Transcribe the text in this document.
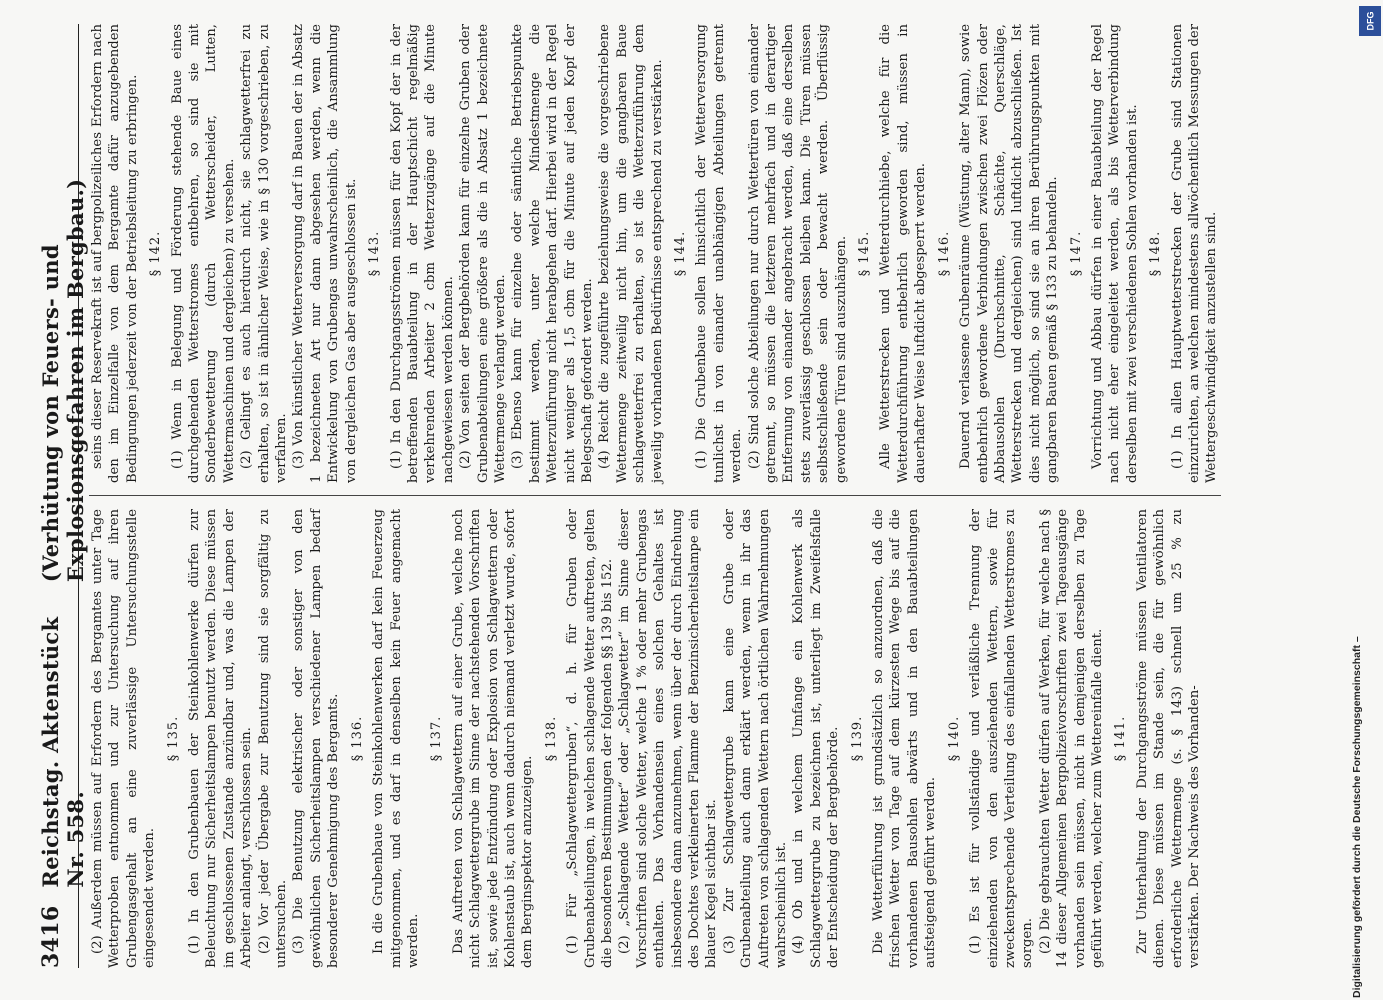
3416
Reichstag. Aktenstück Nr. 558.
(Verhütung von Feuers- und Explosionsgefahren im Bergbau.)

(2) Außerdem müssen auf Erfordern des Bergamtes unter Tage Wetterproben entnommen und zur Untersuchung auf ihren Grubengasgehalt an eine zuverlässige Untersuchungsstelle eingesendet werden.

§ 135. (1) In den Grubenbauen der Steinkohlenwerke dürfen zur Beleuchtung nur Sicherheitslampen benutzt werden. Diese müssen im geschlossenen Zustande anzündbar und, was die Lampen der Arbeiter anlangt, verschlossen sein. (2) Vor jeder Übergabe zur Benutzung sind sie sorgfältig zu untersuchen. (3) Die Benutzung elektrischer oder sonstiger von den gewöhnlichen Sicherheitslampen verschiedener Lampen bedarf besonderer Genehmigung des Bergamts. § 136. In die Grubenbaue von Steinkohlenwerken darf kein Feuerzeug mitgenommen, und es darf in denselben kein Feuer angemacht werden.

§ 137. Das Auftreten von Schlagwettern auf einer Grube, welche noch nicht Schlagwettergrube im Sinne der nachstehenden Vorschriften ist, sowie jede Entzündung oder Explosion von Schlagwettern oder Kohlenstaub ist, auch wenn dadurch niemand verletzt wurde, sofort dem Berginspektor anzuzeigen.

§ 138. (1) Für „Schlagwettergruben“, d. h. für Gruben oder Grubenabteilungen, in welchen schlagende Wetter auftreten, gelten die besonderen Bestimmungen der folgenden §§ 139 bis 152. (2) „Schlagende Wetter“ oder „Schlagwetter“ im Sinne dieser Vorschriften sind solche Wetter, welche 1 % oder mehr Grubengas enthalten. Das Vorhandensein eines solchen Gehaltes ist insbesondere dann anzunehmen, wenn über der durch Eindrehung des Dochtes verkleinerten Flamme der Benzinsicherheitslampe ein blauer Kegel sichtbar ist. (3) Zur Schlagwettergrube kann eine Grube oder Grubenabteilung auch dann erklärt werden, wenn in ihr das Auftreten von schlagenden Wettern nach örtlichen Wahrnehmungen wahrscheinlich ist. (4) Ob und in welchem Umfange ein Kohlenwerk als Schlagwettergrube zu bezeichnen ist, unterliegt im Zweifelsfalle der Entscheidung der Bergbehörde. § 139. Die Wetterführung ist grundsätzlich so anzuordnen, daß die frischen Wetter von Tage auf dem kürzesten Wege bis auf die vorhandenen Bausohlen abwärts und in den Bauabteilungen aufsteigend geführt werden.

§ 140. (1) Es ist für vollständige und verläßliche Trennung der einziehenden von den ausziehenden Wettern, sowie für zweckentsprechende Verteilung des einfallenden Wetterstromes zu sorgen. (2) Die gebrauchten Wetter dürfen auf Werken, für welche nach § 14 dieser Allgemeinen Bergpolizeivorschriften zwei Tageausgänge vorhanden sein müssen, nicht in demjenigen derselben zu Tage geführt werden, welcher zum Wettereinfalle dient. § 141. Zur Unterhaltung der Durchgangsströme müssen Ventilatoren dienen. Diese müssen im Stande sein, die für gewöhnlich erforderliche Wettermenge (s. § 143) schnell um 25 % zu verstärken. Der Nachweis des Vorhanden-

seins dieser Reservekraft ist auf bergpolizeiliches Erfordern nach den im Einzelfalle von dem Bergamte dafür anzugebenden Bedingungen jederzeit von der Betriebsleitung zu erbringen. § 142. (1) Wenn in Belegung und Förderung stehende Baue eines durchgehenden Wetterstromes entbehren, so sind sie mit Sonderbewetterung (durch Wetterscheider, Lutten, Wettermaschinen und dergleichen) zu versehen. (2) Gelingt es auch hierdurch nicht, sie schlagwetterfrei zu erhalten, so ist in ähnlicher Weise, wie in § 130 vorgeschrieben, zu verfahren. (3) Von künstlicher Wetterversorgung darf in Bauen der in Absatz 1 bezeichneten Art nur dann abgesehen werden, wenn die Entwickelung von Grubengas unwahrscheinlich, die Ansammlung von dergleichen Gas aber ausgeschlossen ist. § 143. (1) In den Durchgangsströmen müssen für den Kopf der in der betreffenden Bauabteilung in der Hauptschicht regelmäßig verkehrenden Arbeiter 2 cbm Wetterzugänge auf die Minute nachgewiesen werden können. (2) Von seiten der Bergbehörden kann für einzelne Gruben oder Grubenabteilungen eine größere als die in Absatz 1 bezeichnete Wettermenge verlangt werden. (3) Ebenso kann für einzelne oder sämtliche Betriebspunkte bestimmt werden, unter welche Mindestmenge die Wetterzuführung nicht herabgehen darf. Hierbei wird in der Regel nicht weniger als 1,5 cbm für die Minute auf jeden Kopf der Belegschaft gefordert werden. (4) Reicht die zugeführte beziehungsweise die vorgeschriebene Wettermenge zeitweilig nicht hin, um die gangbaren Baue schlagwetterfrei zu erhalten, so ist die Wetterzuführung dem jeweilig vorhandenen Bedürfnisse entsprechend zu verstärken. § 144. (1) Die Grubenbaue sollen hinsichtlich der Wetterversorgung tunlichst in von einander unabhängigen Abteilungen getrennt werden. (2) Sind solche Abteilungen nur durch Wettertüren von einander getrennt, so müssen die letzteren mehrfach und in derartiger Entfernung von einander angebracht werden, daß eine derselben stets zuverlässig geschlossen bleiben kann. Die Türen müssen selbstschließende sein oder bewacht werden. Überflüssig gewordene Türen sind auszuhängen. § 145. Alle Wetterstrecken und Wetterdurchhiebe, welche für die Wetterdurchführung entbehrlich geworden sind, müssen in dauerhafter Weise luftdicht abgesperrt werden. § 146. Dauernd verlassene Grubenräume (Wüstung, alter Mann), sowie entbehrlich gewordene Verbindungen zwischen zwei Flözen oder Abbausohlen (Durchschnitte, Schächte, Querschläge, Wetterstrecken und dergleichen) sind luftdicht abzuschließen. Ist dies nicht möglich, so sind sie an ihren Berührungspunkten mit gangbaren Bauen gemäß § 133 zu behandeln. § 147. Vorrichtung und Abbau dürfen in einer Bauabteilung der Regel nach nicht eher eingeleitet werden, als bis Wetterverbindung derselben mit zwei verschiedenen Sohlen vorhanden ist. § 148. (1) In allen Hauptwetterstrecken der Grube sind Stationen einzurichten, an welchen mindestens allwöchentlich Messungen der Wettergeschwindigkeit anzustellen sind.

Digitalisierung gefördert durch die Deutsche Forschungsgemeinschaft –
DFG
